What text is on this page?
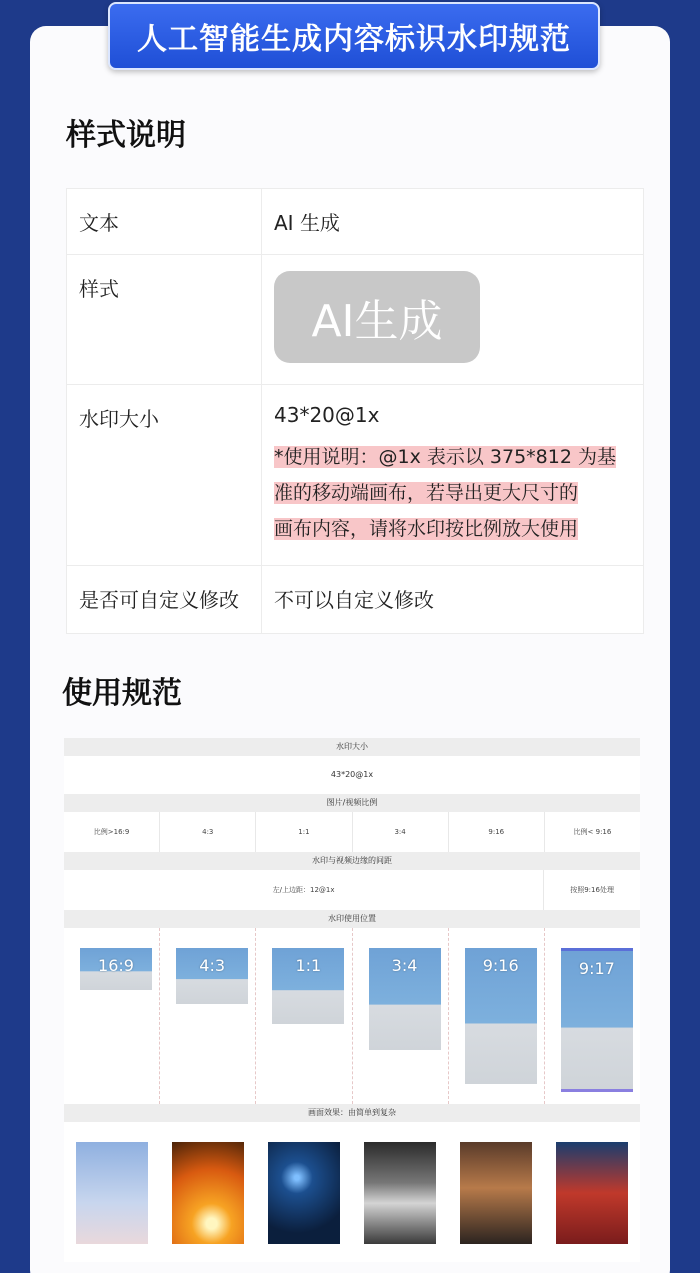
人工智能生成内容标识水印规范
样式说明
文本	AI 生成
样式	AI生成

水印大小	43*20@1x
*使用说明：@1x 表示以 375*812 为基
准的移动端画布，若导出更大尺寸的
画布内容，请将水印按比例放大使用

是否可自定义修改	不可以自定义修改
使用规范
水印大小
43*20@1x
图片/视频比例
比例>16:9	4:3	1:1	3:4	9:16	比例< 9:16
水印与视频边缘的间距
左/上边距：12@1x	按照9:16处理
水印使用位置
16:9	4:3	1:1	3:4	9:16	9:17
画面效果：由简单到复杂
